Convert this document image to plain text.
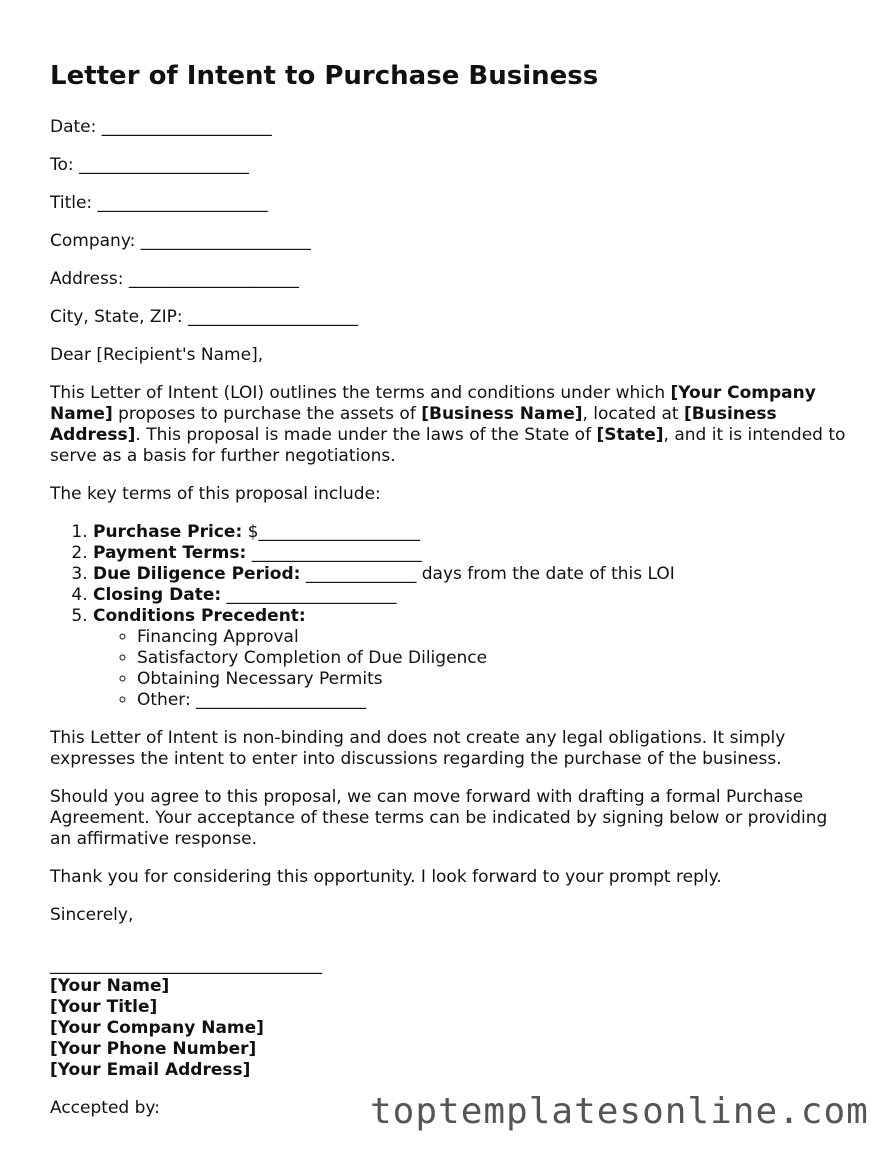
Letter of Intent to Purchase Business
Date: ____________________
To: ____________________
Title: ____________________
Company: ____________________
Address: ____________________
City, State, ZIP: ____________________

Dear [Recipient's Name],

This Letter of Intent (LOI) outlines the terms and conditions under which [Your Company Name] proposes to purchase the assets of [Business Name], located at [Business Address]. This proposal is made under the laws of the State of [State], and it is intended to serve as a basis for further negotiations.

The key terms of this proposal include:

1. Purchase Price: $___________________
2. Payment Terms: ____________________
3. Due Diligence Period: _____________ days from the date of this LOI
4. Closing Date: ____________________
5. Conditions Precedent:
◦ Financing Approval
◦ Satisfactory Completion of Due Diligence
◦ Obtaining Necessary Permits
◦ Other: ____________________

This Letter of Intent is non-binding and does not create any legal obligations. It simply expresses the intent to enter into discussions regarding the purchase of the business.

Should you agree to this proposal, we can move forward with drafting a formal Purchase Agreement. Your acceptance of these terms can be indicated by signing below or providing an affirmative response.

Thank you for considering this opportunity. I look forward to your prompt reply.

Sincerely,
________________________________
[Your Name]
[Your Title]
[Your Company Name]
[Your Phone Number]
[Your Email Address]
Accepted by:	toptemplatesonline.com
